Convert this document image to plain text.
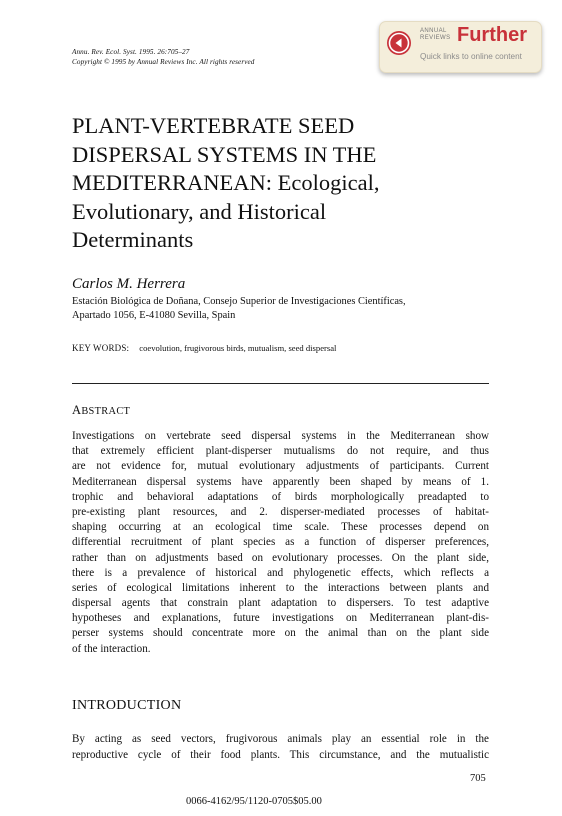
Annu. Rev. Ecol. Syst. 1995. 26:705–27
Copyright © 1995 by Annual Reviews Inc. All rights reserved
ANNUAL
REVIEWS Further
Quick links to online content
PLANT-VERTEBRATE SEED
DISPERSAL SYSTEMS IN THE
MEDITERRANEAN: Ecological,
Evolutionary, and Historical
Determinants
Carlos M. Herrera
Estación Biológica de Doñana, Consejo Superior de Investigaciones Científicas,
Apartado 1056, E-41080 Sevilla, Spain
KEY WORDS: coevolution, frugivorous birds, mutualism, seed dispersal
ABSTRACT
Investigations on vertebrate seed dispersal systems in the Mediterranean show
that extremely efficient plant-disperser mutualisms do not require, and thus
are not evidence for, mutual evolutionary adjustments of participants. Current
Mediterranean dispersal systems have apparently been shaped by means of 1.
trophic and behavioral adaptations of birds morphologically preadapted to
pre-existing plant resources, and 2. disperser-mediated processes of habitat-
shaping occurring at an ecological time scale. These processes depend on
differential recruitment of plant species as a function of disperser preferences,
rather than on adjustments based on evolutionary processes. On the plant side,
there is a prevalence of historical and phylogenetic effects, which reflects a
series of ecological limitations inherent to the interactions between plants and
dispersal agents that constrain plant adaptation to dispersers. To test adaptive
hypotheses and explanations, future investigations on Mediterranean plant-dis-
perser systems should concentrate more on the animal than on the plant side
of the interaction.
INTRODUCTION
By acting as seed vectors, frugivorous animals play an essential role in the
reproductive cycle of their food plants. This circumstance, and the mutualistic
705
0066-4162/95/1120-0705$05.00
